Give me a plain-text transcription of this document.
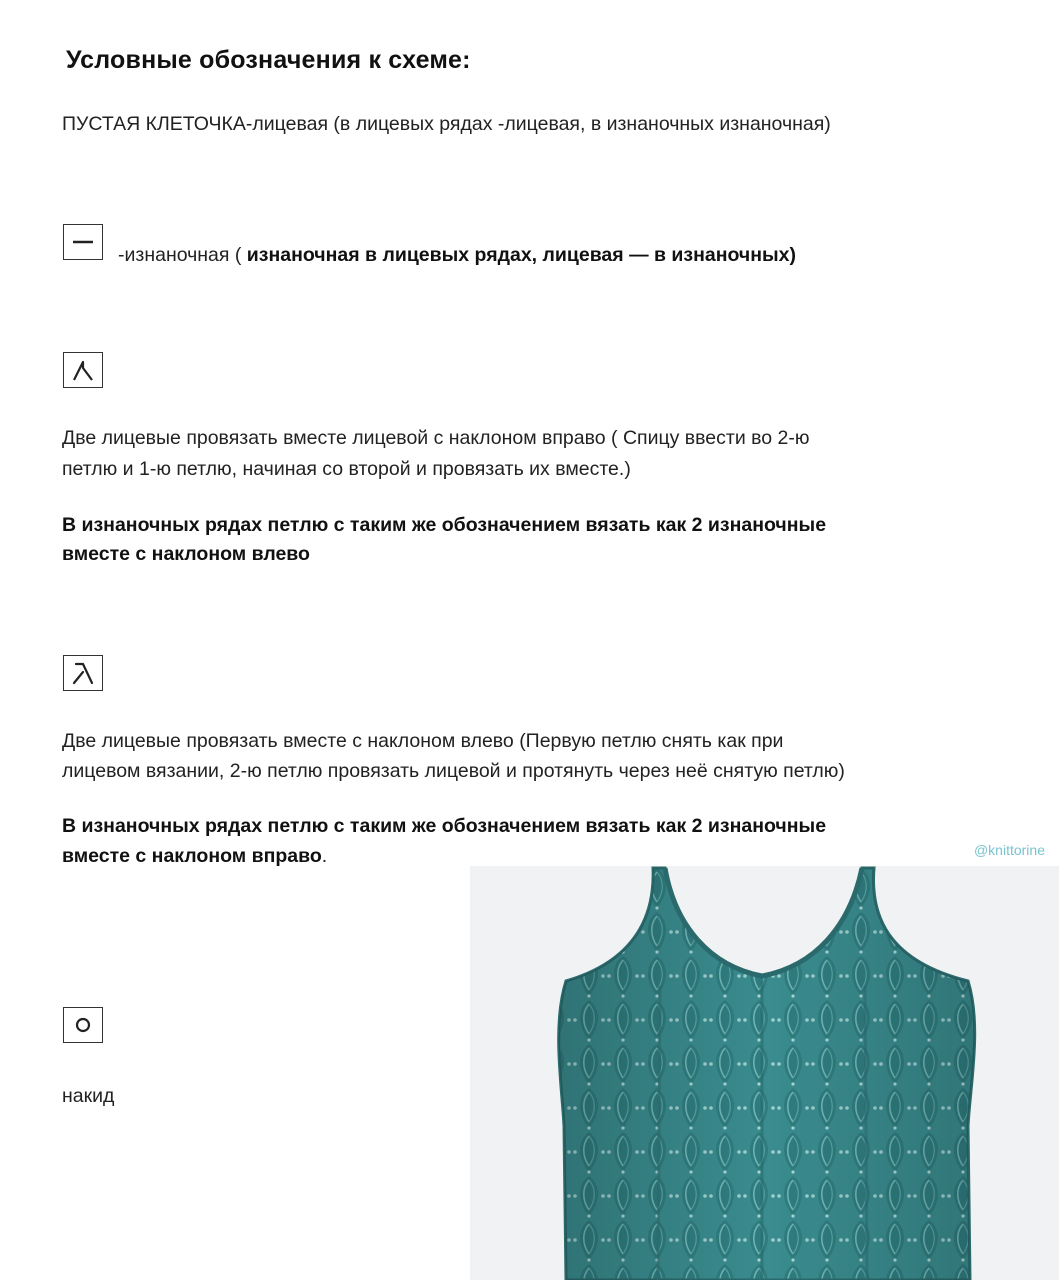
Условные обозначения к схеме:
ПУСТАЯ КЛЕТОЧКА-лицевая (в лицевых рядах -лицевая, в изнаночных изнаночная)
-изнаночная ( изнаночная в лицевых рядах, лицевая — в изнаночных)
Две лицевые провязать вместе лицевой с наклоном вправо ( Спицу ввести во 2-ю
петлю и 1-ю петлю, начиная со второй и провязать их вместе.)
В изнаночных рядах петлю с таким же обозначением вязать как 2 изнаночные
вместе с наклоном влево
Две лицевые провязать вместе с наклоном влево (Первую петлю снять как при
лицевом вязании, 2-ю петлю провязать лицевой и протянуть через неё снятую петлю)
В изнаночных рядах петлю с таким же обозначением вязать как 2 изнаночные
вместе с наклоном вправо.	@knittorine
накид
